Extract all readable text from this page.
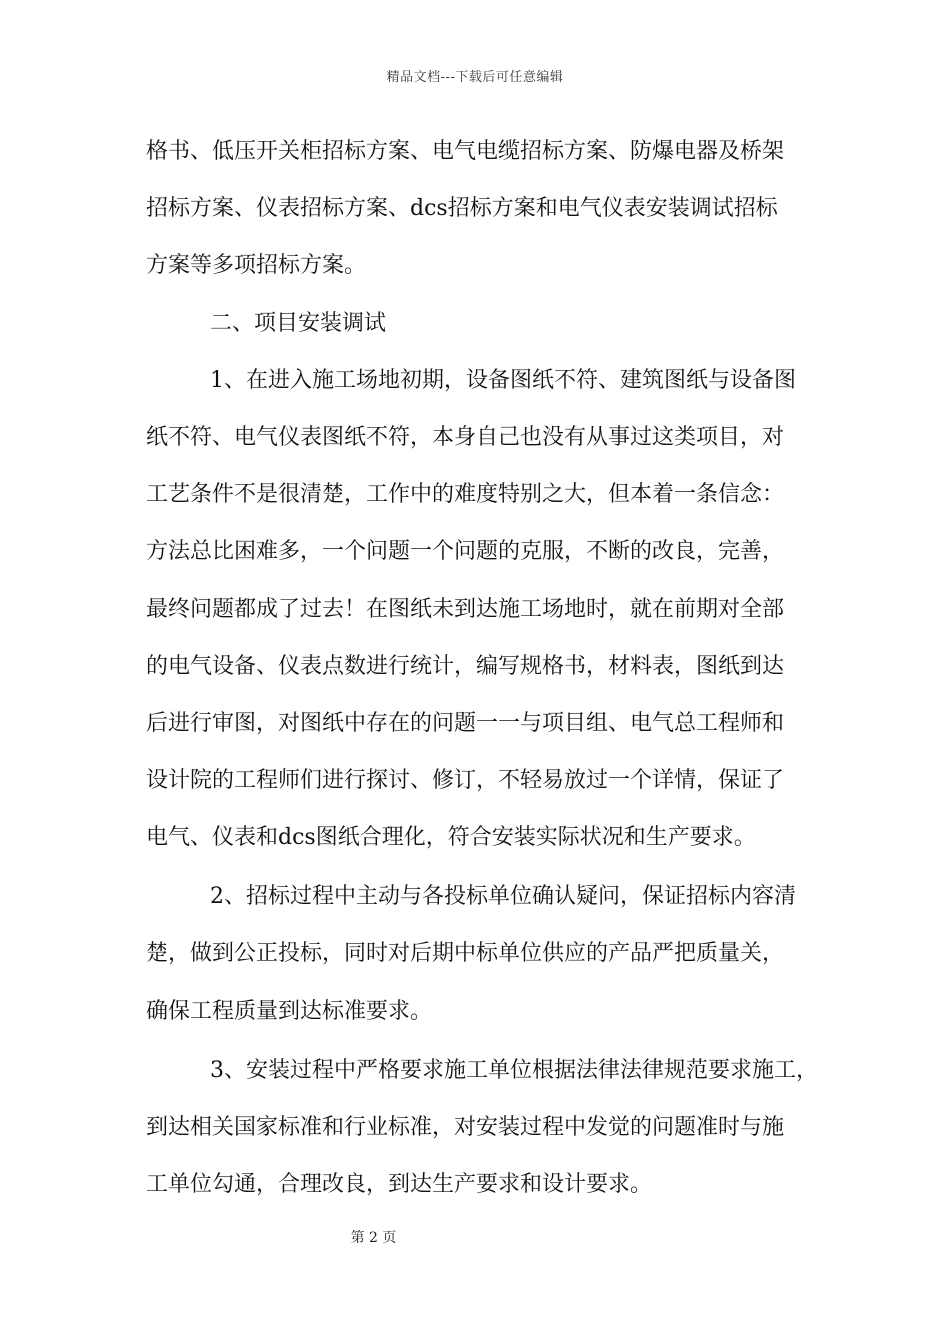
精品文档---下载后可任意编辑
格书、低压开关柜招标方案、电气电缆招标方案、防爆电器及桥架
招标方案、仪表招标方案、dcs招标方案和电气仪表安装调试招标
方案等多项招标方案。
二、项目安装调试
1、在进入施工场地初期，设备图纸不符、建筑图纸与设备图
纸不符、电气仪表图纸不符，本身自己也没有从事过这类项目，对
工艺条件不是很清楚，工作中的难度特别之大，但本着一条信念：
方法总比困难多，一个问题一个问题的克服，不断的改良，完善，
最终问题都成了过去！在图纸未到达施工场地时，就在前期对全部
的电气设备、仪表点数进行统计，编写规格书，材料表，图纸到达
后进行审图，对图纸中存在的问题一一与项目组、电气总工程师和
设计院的工程师们进行探讨、修订，不轻易放过一个详情，保证了
电气、仪表和dcs图纸合理化，符合安装实际状况和生产要求。
2、招标过程中主动与各投标单位确认疑问，保证招标内容清
楚，做到公正投标，同时对后期中标单位供应的产品严把质量关，
确保工程质量到达标准要求。
3、安装过程中严格要求施工单位根据法律法律规范要求施工，
到达相关国家标准和行业标准，对安装过程中发觉的问题准时与施
工单位勾通，合理改良，到达生产要求和设计要求。
第 2 页
